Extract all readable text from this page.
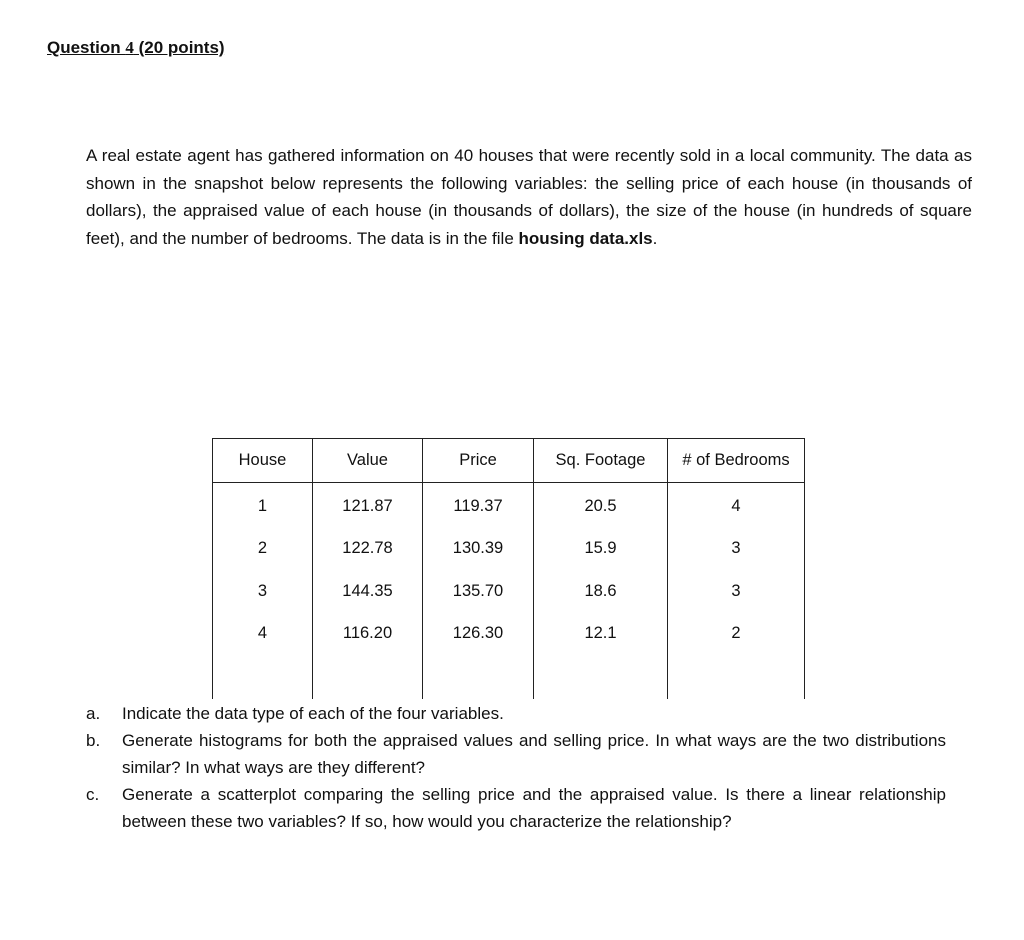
Question 4 (20 points)

A real estate agent has gathered information on 40 houses that were recently sold in a local community. The data as shown in the snapshot below represents the following variables: the selling price of each house (in thousands of dollars), the appraised value of each house (in thousands of dollars), the size of the house (in hundreds of square feet), and the number of bedrooms. The data is in the file housing data.xls.

House	Value	Price	Sq. Footage	# of Bedrooms
1	121.87	119.37	20.5	4
2	122.78	130.39	15.9	3
3	144.35	135.70	18.6	3
4	116.20	126.30	12.1	2

a.	Indicate the data type of each of the four variables.
b.	Generate histograms for both the appraised values and selling price. In what ways are the two distributions similar? In what ways are they different?
c.	Generate a scatterplot comparing the selling price and the appraised value. Is there a linear relationship between these two variables? If so, how would you characterize the relationship?
